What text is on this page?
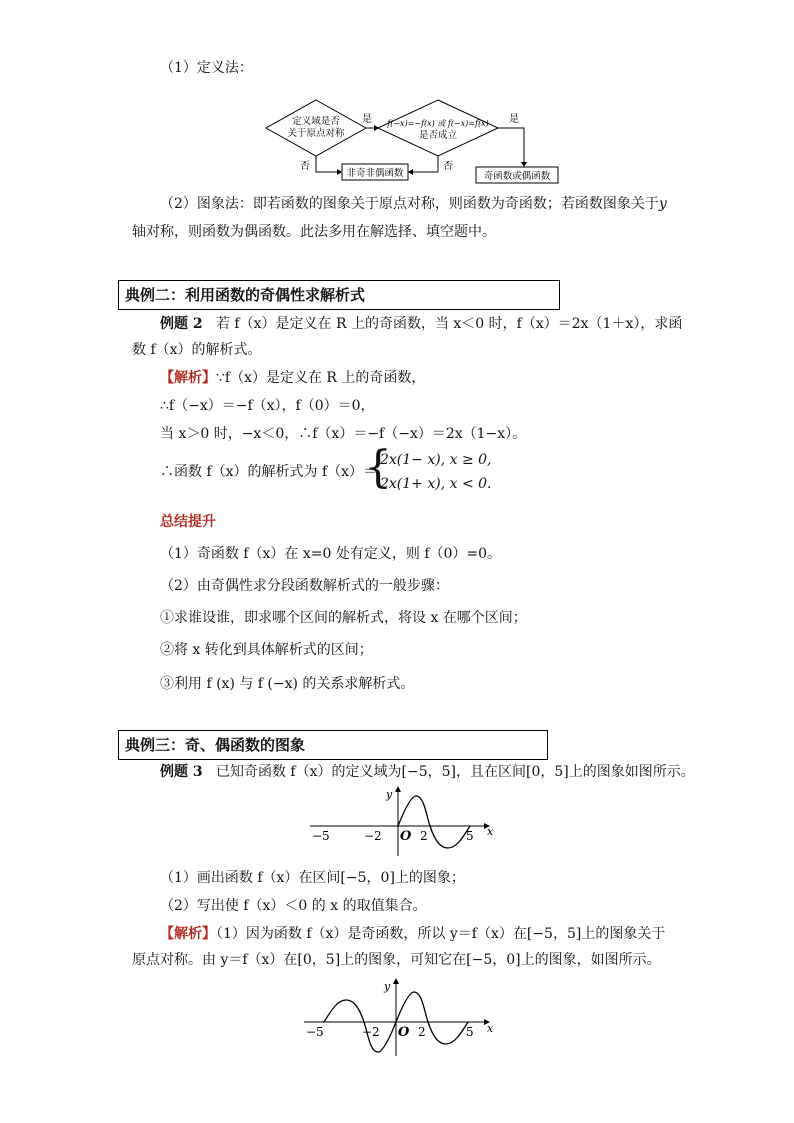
（1）定义法：
定义域是否
关于原点对称
是 f(−x)=−f(x) 或 f(−x)=f(x)
是否成立
是
否
否
非奇非偶函数	奇函数或偶函数
（2）图象法：即若函数的图象关于原点对称，则函数为奇函数；若函数图象关于y
轴对称，则函数为偶函数。此法多用在解选择、填空题中。
典例二：利用函数的奇偶性求解析式
例题 2 若 f（x）是定义在 R 上的奇函数，当 x＜0 时，f（x）＝2x（1＋x），求函
数 f（x）的解析式。
【解析】∵f（x）是定义在 R 上的奇函数，
∴f（−x）＝−f（x），f（0）＝0，
当 x＞0 时，−x＜0，∴f（x）＝−f（−x）＝2x（1−x）。
∴函数 f（x）的解析式为 f（x）＝
{
2x(1− x), x ≥ 0,
2x(1+ x), x < 0.
总结提升
（1）奇函数 f（x）在 x=0 处有定义，则 f（0）=0。
（2）由奇偶性求分段函数解析式的一般步骤：
①求谁设谁，即求哪个区间的解析式，将设 x 在哪个区间；
②将 x 转化到具体解析式的区间；
③利用 f (x) 与 f (−x) 的关系求解析式。
典例三：奇、偶函数的图象
例题 3 已知奇函数 f（x）的定义域为[−5，5]，且在区间[0，5]上的图象如图所示。
x
y
−5	−2 O 2	5
（1）画出函数 f（x）在区间[−5，0]上的图象；
（2）写出使 f（x）＜0 的 x 的取值集合。
【解析】（1）因为函数 f（x）是奇函数，所以 y＝f（x）在[−5，5]上的图象关于
原点对称。由 y＝f（x）在[0，5]上的图象，可知它在[−5，0]上的图象，如图所示。
x
y
−5	−2 O 2	5
